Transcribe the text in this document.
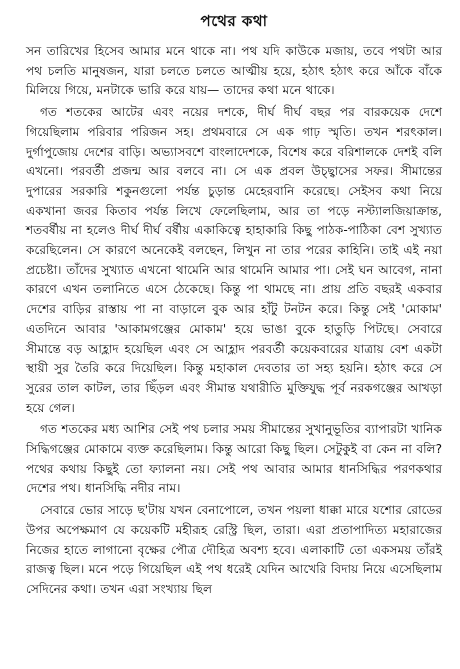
পথের কথা

সন তারিখের হিসেব আমার মনে থাকে না। পথ যদি কাউকে মজায়, তবে পথটা আর পথ চলতি মানুষজন, যারা চলতে চলতে আত্মীয় হয়ে, হঠাৎ হঠাৎ করে আঁকে বাঁকে মিলিয়ে গিয়ে, মনটাকে ভারি করে যায়— তাদের কথা মনে থাকে।

গত শতকের আটের এবং নয়ের দশকে, দীর্ঘ দীর্ঘ বছর পর বারকয়েক দেশে গিয়েছিলাম পরিবার পরিজন সহ। প্রথমবারে সে এক গাঢ় স্মৃতি। তখন শরৎকাল। দুর্গাপুজোয় দেশের বাড়ি। অভ্যাসবশে বাংলাদেশকে, বিশেষ করে বরিশালকে দেশই বলি এখনো। পরবর্তী প্রজন্ম আর বলবে না। সে এক প্রবল উচ্ছ্বাসের সফর। সীমান্তের দুপারের সরকারি শকুনগুলো পর্যন্ত চুড়ান্ত মেহেরবানি করেছে। সেইসব কথা নিয়ে একখানা জবর কিতাব পর্যন্ত লিখে ফেলেছিলাম, আর তা পড়ে নস্ট্যালজিয়াক্রান্ত, শতবর্ষীয় না হলেও দীর্ঘ দীর্ঘ বর্ষীয় একাকিত্বে হাহাকারি কিছু পাঠক-পাঠিকা বেশ সুখ্যাত করেছিলেন। সে কারণে অনেকেই বলছেন, লিখুন না তার পরের কাহিনি। তাই এই নয়া প্রচেষ্টা। তাঁদের সুখ্যাত এখনো থামেনি আর থামেনি আমার পা। সেই ঘন আবেগ, নানা কারণে এখন তলানিতে এসে ঠেকেছে। কিন্তু পা থামছে না। প্রায় প্রতি বছরই একবার দেশের বাড়ির রাস্তায় পা না বাড়ালে বুক আর হাঁটু টনটন করে। কিন্তু সেই 'মোকাম' এতদিনে আবার 'আকামগঞ্জের মোকাম' হয়ে ভাঙা বুকে হাতুড়ি পিটছে। সেবারে সীমান্তে বড় আহ্লাদ হয়েছিল এবং সে আহ্লাদ পরবর্তী কয়েকবারের যাত্রায় বেশ একটা স্থায়ী সুর তৈরি করে দিয়েছিল। কিন্তু মহাকাল দেবতার তা সহ্য হয়নি। হঠাৎ করে সে সুরের তাল কাটল, তার ছিঁড়ল এবং সীমান্ত যথারীতি মুক্তিযুদ্ধ পূর্ব নরকগঞ্জের আখড়া হয়ে গেল।

গত শতকের মধ্য আশির সেই পথ চলার সময় সীমান্তের সুখানুভূতির ব্যাপারটা খানিক সিদ্ধিগঞ্জের মোকামে ব্যক্ত করেছিলাম। কিন্তু আরো কিছু ছিল। সেটুকুই বা কেন না বলি? পথের কথায় কিছুই তো ফ্যালনা নয়। সেই পথ আবার আমার ধানসিদ্ধির পরণকথার দেশের পথ। ধানসিদ্ধি নদীর নাম।

সেবারে ভোর সাড়ে ছ'টায় যখন বেনাপোলে, তখন পয়লা ধাক্কা মারে যশোর রোডের উপর অপেক্ষমাণ যে কয়েকটি মহীরূহ রেস্ট্রি ছিল, তারা। এরা প্রতাপাদিত্য মহারাজের নিজের হাতে লাগানো বৃক্ষের পৌত্র দৌহিত্র অবশ্য হবে। এলাকাটি তো একসময় তাঁরই রাজত্ব ছিল। মনে পড়ে গিয়েছিল এই পথ ধরেই যেদিন আখেরি বিদায় নিয়ে এসেছিলাম সেদিনের কথা। তখন এরা সংখ্যায় ছিল
